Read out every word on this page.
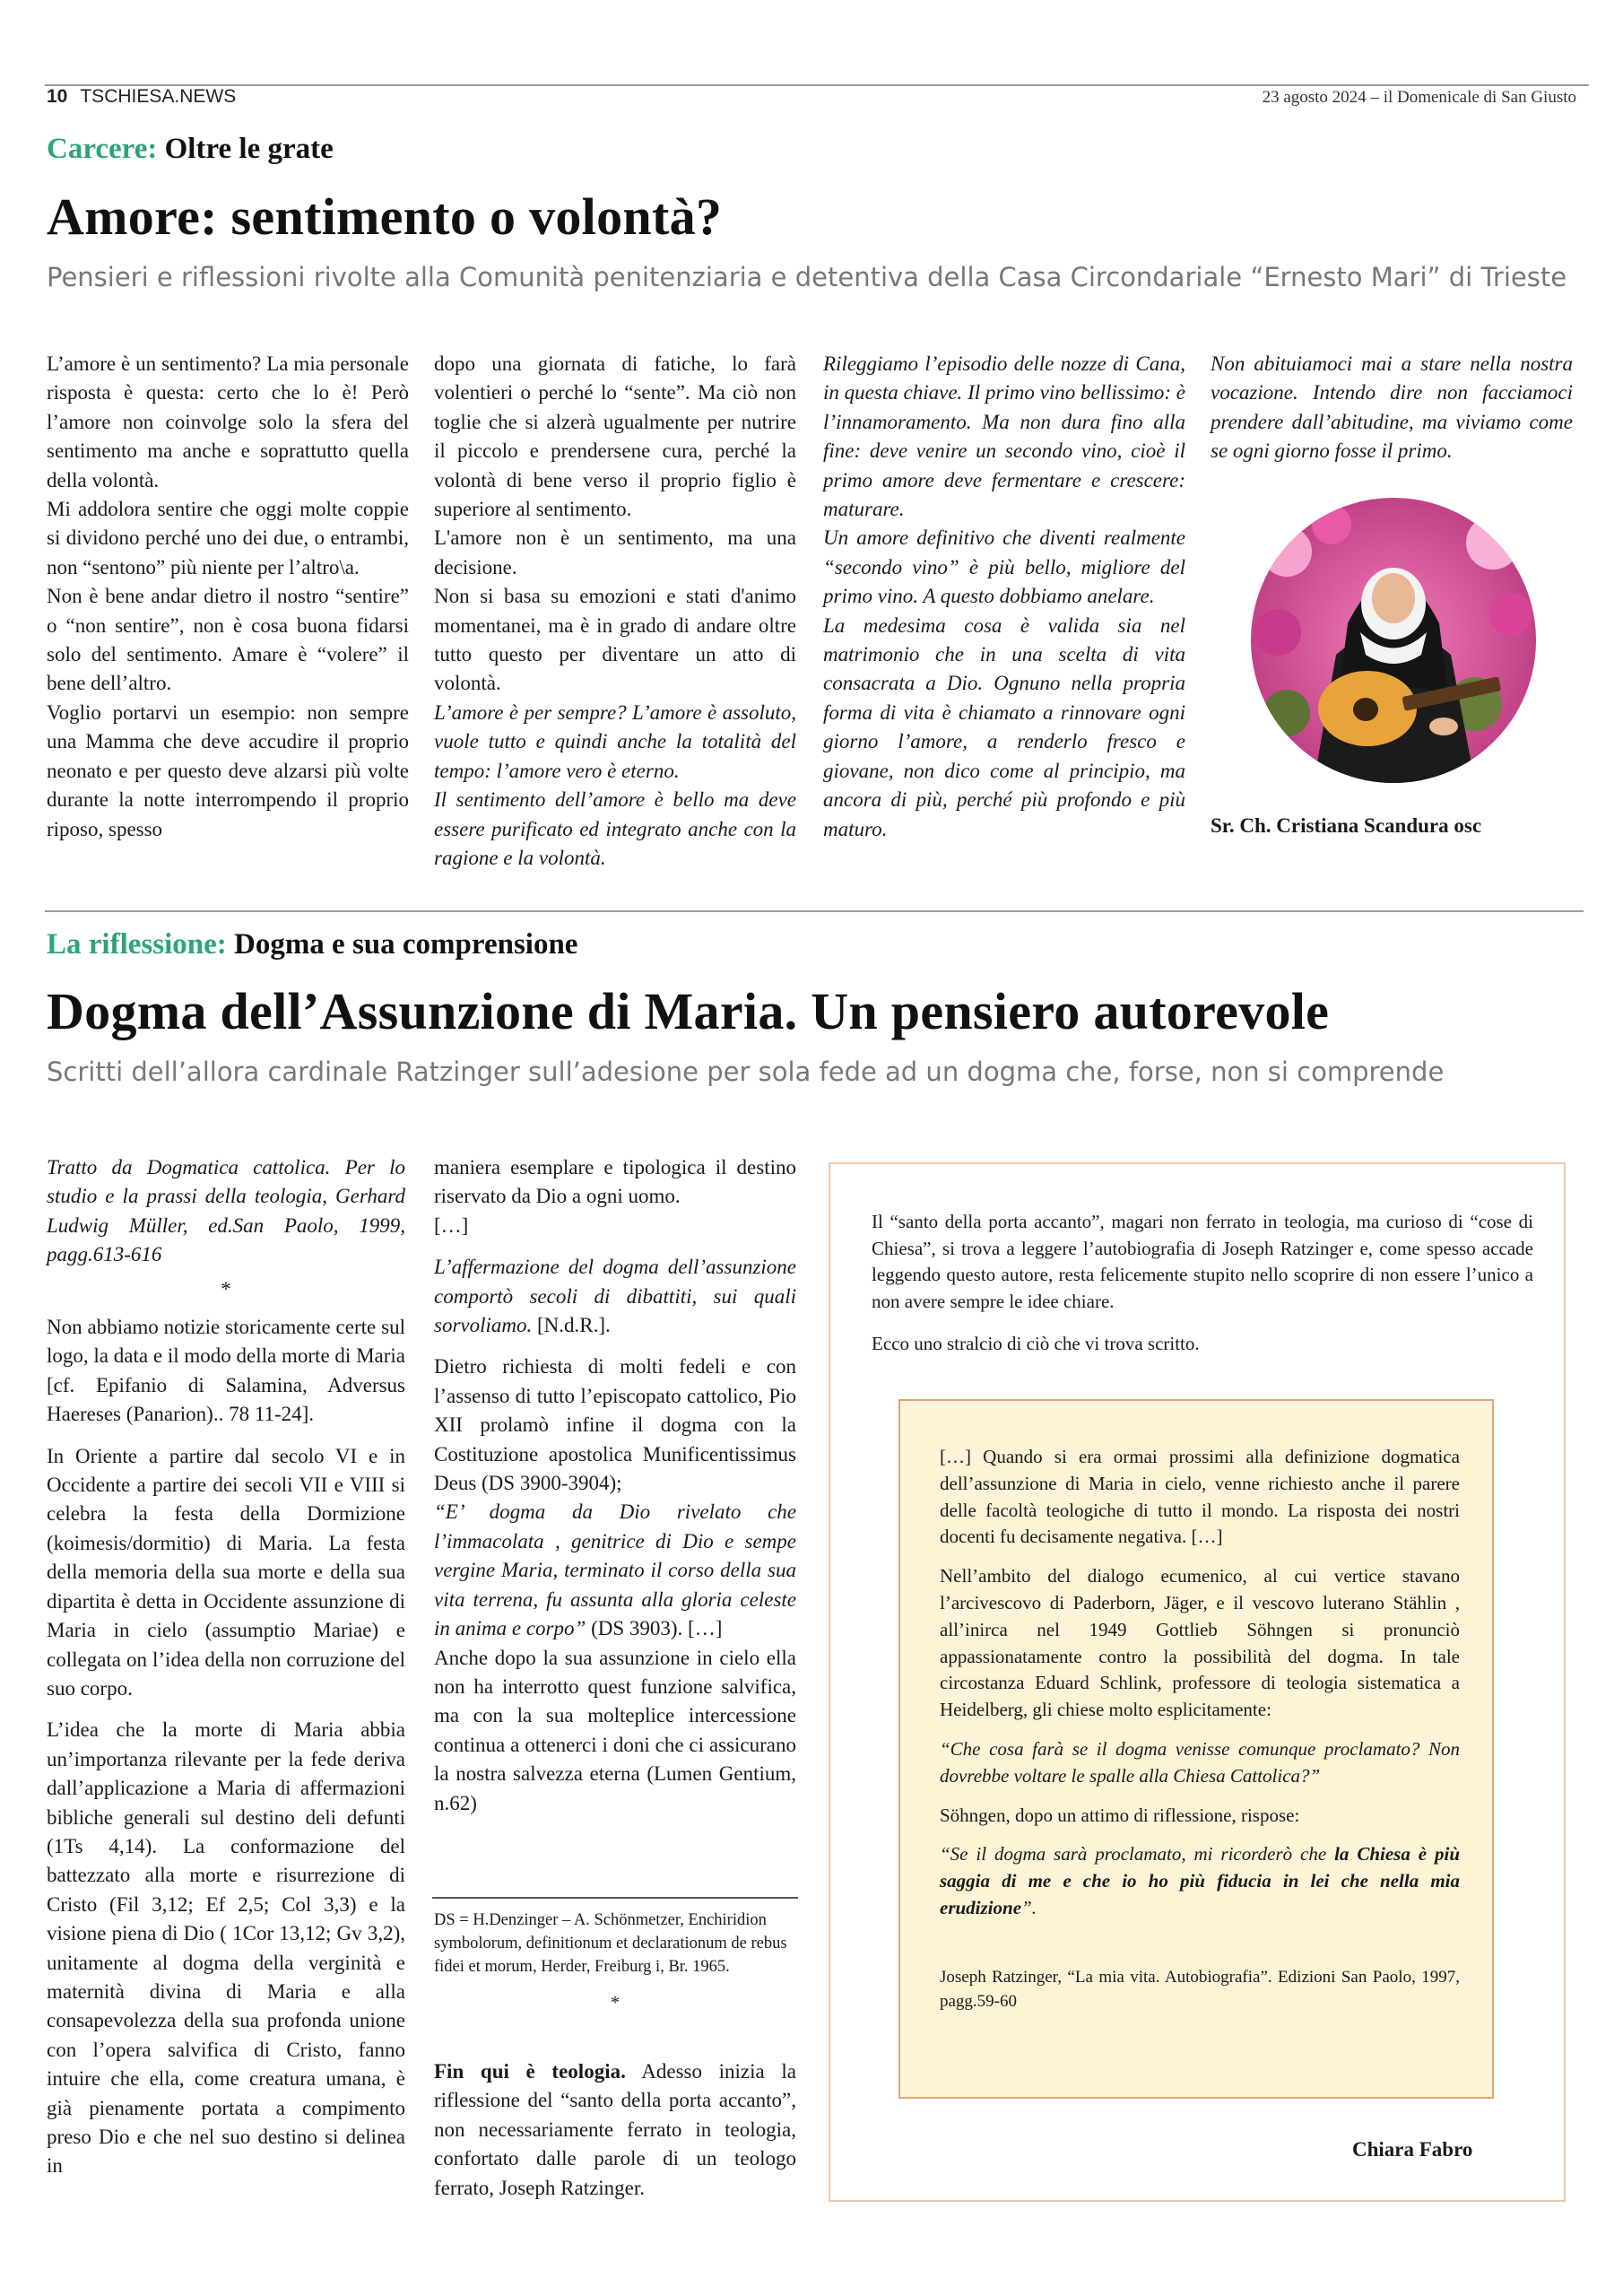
10 TSCHIESA.NEWS	23 agosto 2024 – il Domenicale di San Giusto
Carcere: Oltre le grate
Amore: sentimento o volontà?
Pensieri e riflessioni rivolte alla Comunità penitenziaria e detentiva della Casa Circondariale “Ernesto Mari” di Trieste

L’amore è un sentimento? La mia personale risposta è questa: certo che lo è! Però l’amore non coinvolge solo la sfera del sentimento ma anche e soprattutto quella della volontà.

Mi addolora sentire che oggi molte coppie si dividono perché uno dei due, o entrambi, non “sentono” più niente per l’altro\a.

Non è bene andar dietro il nostro “sentire” o “non sentire”, non è cosa buona fidarsi solo del sentimento. Amare è “volere” il bene dell’altro.

Voglio portarvi un esempio: non sempre una Mamma che deve accudire il proprio neonato e per questo deve alzarsi più volte durante la notte interrompendo il proprio riposo, spesso

dopo una giornata di fatiche, lo farà volentieri o perché lo “sente”. Ma ciò non toglie che si alzerà ugualmente per nutrire il piccolo e prendersene cura, perché la volontà di bene verso il proprio figlio è superiore al sentimento.

L'amore non è un sentimento, ma una decisione.

Non si basa su emozioni e stati d'animo momentanei, ma è in grado di andare oltre tutto questo per diventare un atto di volontà.

L’amore è per sempre? L’amore è assoluto, vuole tutto e quindi anche la totalità del tempo: l’amore vero è eterno.

Il sentimento dell’amore è bello ma deve essere purificato ed integrato anche con la ragione e la volontà.

Rileggiamo l’episodio delle nozze di Cana, in questa chiave. Il primo vino bellissimo: è l’innamoramento. Ma non dura fino alla fine: deve venire un secondo vino, cioè il primo amore deve fermentare e crescere: maturare.

Un amore definitivo che diventi realmente “secondo vino” è più bello, migliore del primo vino. A questo dobbiamo anelare.

La medesima cosa è valida sia nel matrimonio che in una scelta di vita consacrata a Dio. Ognuno nella propria forma di vita è chiamato a rinnovare ogni giorno l’amore, a renderlo fresco e giovane, non dico come al principio, ma ancora di più, perché più profondo e più maturo.

Non abituiamoci mai a stare nella nostra vocazione. Intendo dire non facciamoci prendere dall’abitudine, ma viviamo come se ogni giorno fosse il primo.

Sr. Ch. Cristiana Scandura osc
La riflessione: Dogma e sua comprensione
Dogma dell’Assunzione di Maria. Un pensiero autorevole
Scritti dell’allora cardinale Ratzinger sull’adesione per sola fede ad un dogma che, forse, non si comprende

Tratto da Dogmatica cattolica. Per lo studio e la prassi della teologia, Gerhard Ludwig Müller, ed.San Paolo, 1999, pagg.613-616

*

Non abbiamo notizie storicamente certe sul logo, la data e il modo della morte di Maria [cf. Epifanio di Salamina, Adversus Haereses (Panarion).. 78 11-24].

In Oriente a partire dal secolo VI e in Occidente a partire dei secoli VII e VIII si celebra la festa della Dormizione (koimesis/dormitio) di Maria. La festa della memoria della sua morte e della sua dipartita è detta in Occidente assunzione di Maria in cielo (assumptio Mariae) e collegata on l’idea della non corruzione del suo corpo.

L’idea che la morte di Maria abbia un’importanza rilevante per la fede deriva dall’applicazione a Maria di affermazioni bibliche generali sul destino deli defunti (1Ts 4,14). La conformazione del battezzato alla morte e risurrezione di Cristo (Fil 3,12; Ef 2,5; Col 3,3) e la visione piena di Dio ( 1Cor 13,12; Gv 3,2), unitamente al dogma della verginità e maternità divina di Maria e alla consapevolezza della sua profonda unione con l’opera salvifica di Cristo, fanno intuire che ella, come creatura umana, è già pienamente portata a compimento preso Dio e che nel suo destino si delinea in

maniera esemplare e tipologica il destino riservato da Dio a ogni uomo.

[…]

L’affermazione del dogma dell’assunzione comportò secoli di dibattiti, sui quali sorvoliamo. [N.d.R.].

Dietro richiesta di molti fedeli e con l’assenso di tutto l’episcopato cattolico, Pio XII prolamò infine il dogma con la Costituzione apostolica Munificentissimus Deus (DS 3900-3904);

“E’ dogma da Dio rivelato che l’immacolata , genitrice di Dio e sempe vergine Maria, terminato il corso della sua vita terrena, fu assunta alla gloria celeste in anima e corpo” (DS 3903). […]

Anche dopo la sua assunzione in cielo ella non ha interrotto quest funzione salvifica, ma con la sua molteplice intercessione continua a ottenerci i doni che ci assicurano la nostra salvezza eterna (Lumen Gentium, n.62)

DS = H.Denzinger – A. Schönmetzer, Enchiridion symbolorum, definitionum et declarationum de rebus fidei et morum, Herder, Freiburg i, Br. 1965.
*

Fin qui è teologia. Adesso inizia la riflessione del “santo della porta accanto”, non necessariamente ferrato in teologia, confortato dalle parole di un teologo ferrato, Joseph Ratzinger.

Il “santo della porta accanto”, magari non ferrato in teologia, ma curioso di “cose di Chiesa”, si trova a leggere l’autobiografia di Joseph Ratzinger e, come spesso accade leggendo questo autore, resta felicemente stupito nello scoprire di non essere l’unico a non avere sempre le idee chiare.
Ecco uno stralcio di ciò che vi trova scritto.

[…] Quando si era ormai prossimi alla definizione dogmatica dell’assunzione di Maria in cielo, venne richiesto anche il parere delle facoltà teologiche di tutto il mondo. La risposta dei nostri docenti fu decisamente negativa. […]

Nell’ambito del dialogo ecumenico, al cui vertice stavano l’arcivescovo di Paderborn, Jäger, e il vescovo luterano Stählin , all’inirca nel 1949 Gottlieb Söhngen si pronunciò appassionatamente contro la possibilità del dogma. In tale circostanza Eduard Schlink, professore di teologia sistematica a Heidelberg, gli chiese molto esplicitamente:

“Che cosa farà se il dogma venisse comunque proclamato? Non dovrebbe voltare le spalle alla Chiesa Cattolica?”

Söhngen, dopo un attimo di riflessione, rispose:

“Se il dogma sarà proclamato, mi ricorderò che la Chiesa è più saggia di me e che io ho più fiducia in lei che nella mia erudizione”.

Joseph Ratzinger, “La mia vita. Autobiografia”. Edizioni San Paolo, 1997, pagg.59-60

Chiara Fabro
